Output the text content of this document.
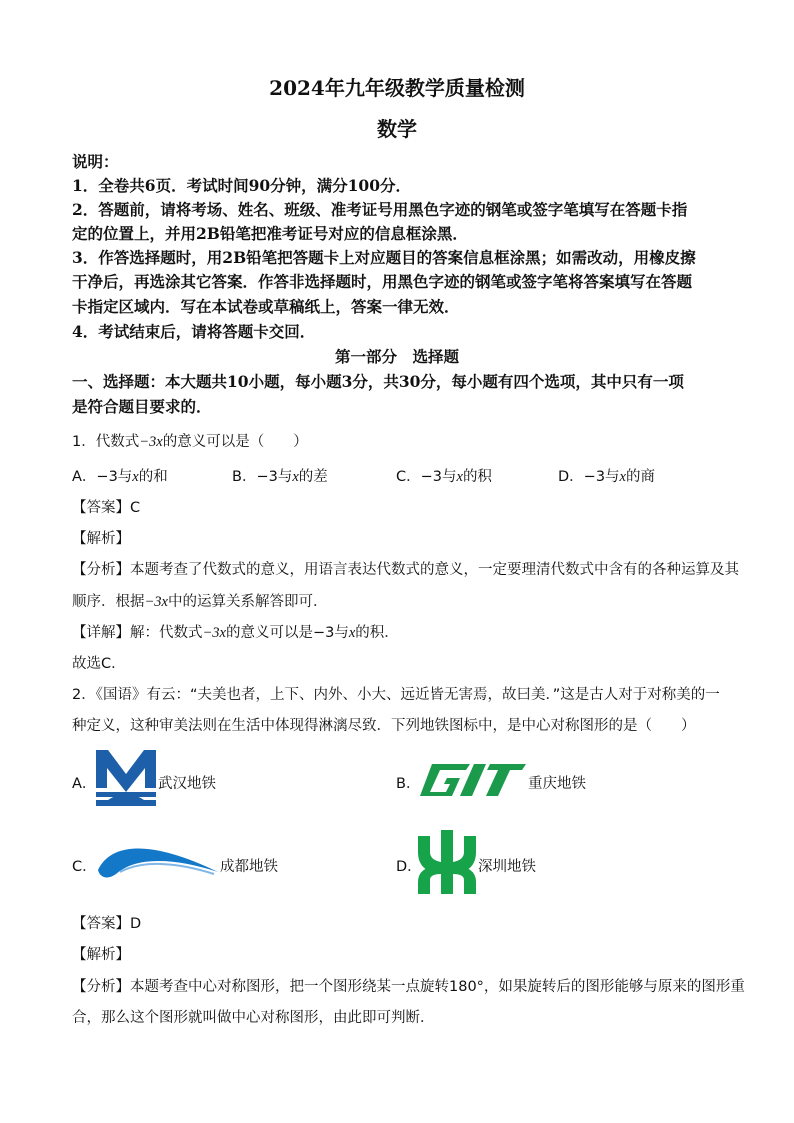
2024年九年级教学质量检测
数学
说明：
1．全卷共6页．考试时间90分钟，满分100分．
2．答题前，请将考场、姓名、班级、准考证号用黑色字迹的钢笔或签字笔填写在答题卡指
定的位置上，并用2B铅笔把准考证号对应的信息框涂黑．
3．作答选择题时，用2B铅笔把答题卡上对应题目的答案信息框涂黑；如需改动，用橡皮擦
干净后，再选涂其它答案．作答非选择题时，用黑色字迹的钢笔或签字笔将答案填写在答题
卡指定区域内．写在本试卷或草稿纸上，答案一律无效．
4．考试结束后，请将答题卡交回．
第一部分　选择题
一、选择题：本大题共10小题，每小题3分，共30分，每小题有四个选项，其中只有一项
是符合题目要求的．
1．代数式−3x的意义可以是（　　）
A．−3与x的和	B．−3与x的差	C．−3与x的积	D．−3与x的商
【答案】C
【解析】
【分析】本题考查了代数式的意义，用语言表达代数式的意义，一定要理清代数式中含有的各种运算及其
顺序．根据−3x中的运算关系解答即可．
【详解】解：代数式−3x的意义可以是−3与x的积．
故选C．
2．《国语》有云：“夫美也者，上下、内外、小大、远近皆无害焉，故曰美．”这是古人对于对称美的一
种定义，这种审美法则在生活中体现得淋漓尽致．下列地铁图标中，是中心对称图形的是（　　）
A．	武汉地铁	B．	重庆地铁
C．	成都地铁	D．	深圳地铁
【答案】D
【解析】
【分析】本题考查中心对称图形，把一个图形绕某一点旋转180°，如果旋转后的图形能够与原来的图形重
合，那么这个图形就叫做中心对称图形，由此即可判断．
